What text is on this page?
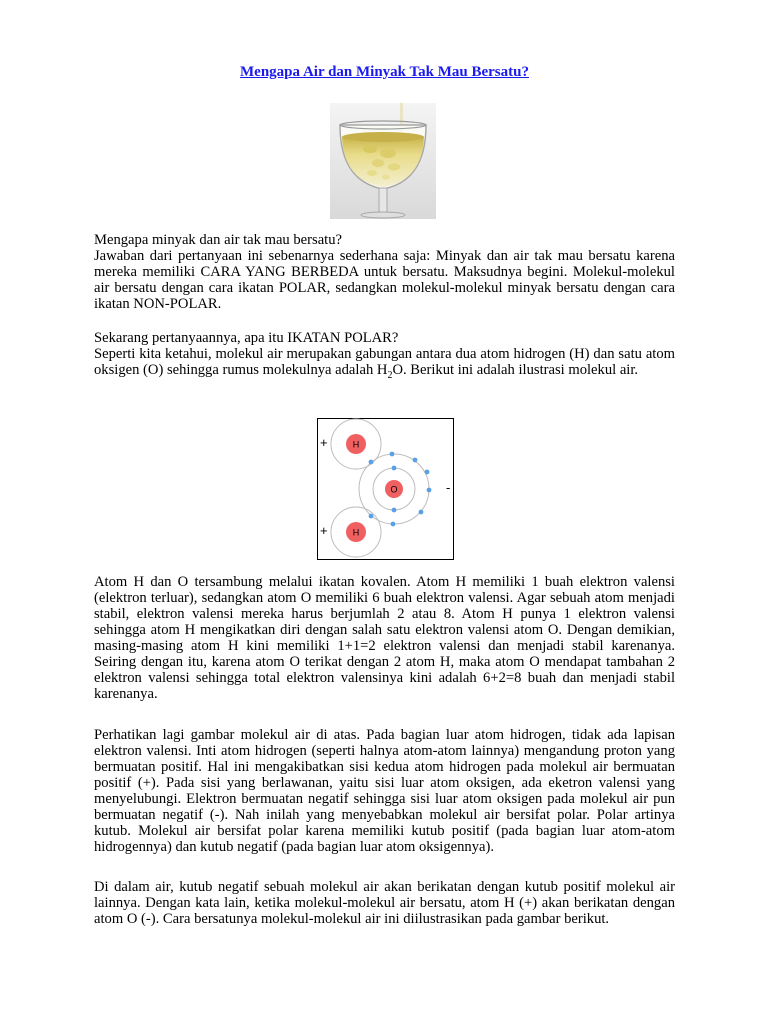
Mengapa Air dan Minyak Tak Mau Bersatu?

Mengapa minyak dan air tak mau bersatu?

Jawaban dari pertanyaan ini sebenarnya sederhana saja: Minyak dan air tak mau bersatu karena mereka memiliki CARA YANG BERBEDA untuk bersatu. Maksudnya begini. Molekul-molekul air bersatu dengan cara ikatan POLAR, sedangkan molekul-molekul minyak bersatu dengan cara ikatan NON-POLAR.

Sekarang pertanyaannya, apa itu IKATAN POLAR?

Seperti kita ketahui, molekul air merupakan gabungan antara dua atom hidrogen (H) dan satu atom oksigen (O) sehingga rumus molekulnya adalah $H_2O$. Berikut ini adalah ilustrasi molekul air.

H
O
H
+
+
-

Atom H dan O tersambung melalui ikatan kovalen. Atom H memiliki 1 buah elektron valensi (elektron terluar), sedangkan atom O memiliki 6 buah elektron valensi. Agar sebuah atom menjadi stabil, elektron valensi mereka harus berjumlah 2 atau 8. Atom H punya 1 elektron valensi sehingga atom H mengikatkan diri dengan salah satu elektron valensi atom O. Dengan demikian, masing-masing atom H kini memiliki 1+1=2 elektron valensi dan menjadi stabil karenanya. Seiring dengan itu, karena atom O terikat dengan 2 atom H, maka atom O mendapat tambahan 2 elektron valensi sehingga total elektron valensinya kini adalah 6+2=8 buah dan menjadi stabil karenanya.

Perhatikan lagi gambar molekul air di atas. Pada bagian luar atom hidrogen, tidak ada lapisan elektron valensi. Inti atom hidrogen (seperti halnya atom-atom lainnya) mengandung proton yang bermuatan positif. Hal ini mengakibatkan sisi kedua atom hidrogen pada molekul air bermuatan positif (+). Pada sisi yang berlawanan, yaitu sisi luar atom oksigen, ada eketron valensi yang menyelubungi. Elektron bermuatan negatif sehingga sisi luar atom oksigen pada molekul air pun bermuatan negatif (-). Nah inilah yang menyebabkan molekul air bersifat polar. Polar artinya kutub. Molekul air bersifat polar karena memiliki kutub positif (pada bagian luar atom-atom hidrogennya) dan kutub negatif (pada bagian luar atom oksigennya).

Di dalam air, kutub negatif sebuah molekul air akan berikatan dengan kutub positif molekul air lainnya. Dengan kata lain, ketika molekul-molekul air bersatu, atom H (+) akan berikatan dengan atom O (-). Cara bersatunya molekul-molekul air ini diilustrasikan pada gambar berikut.
